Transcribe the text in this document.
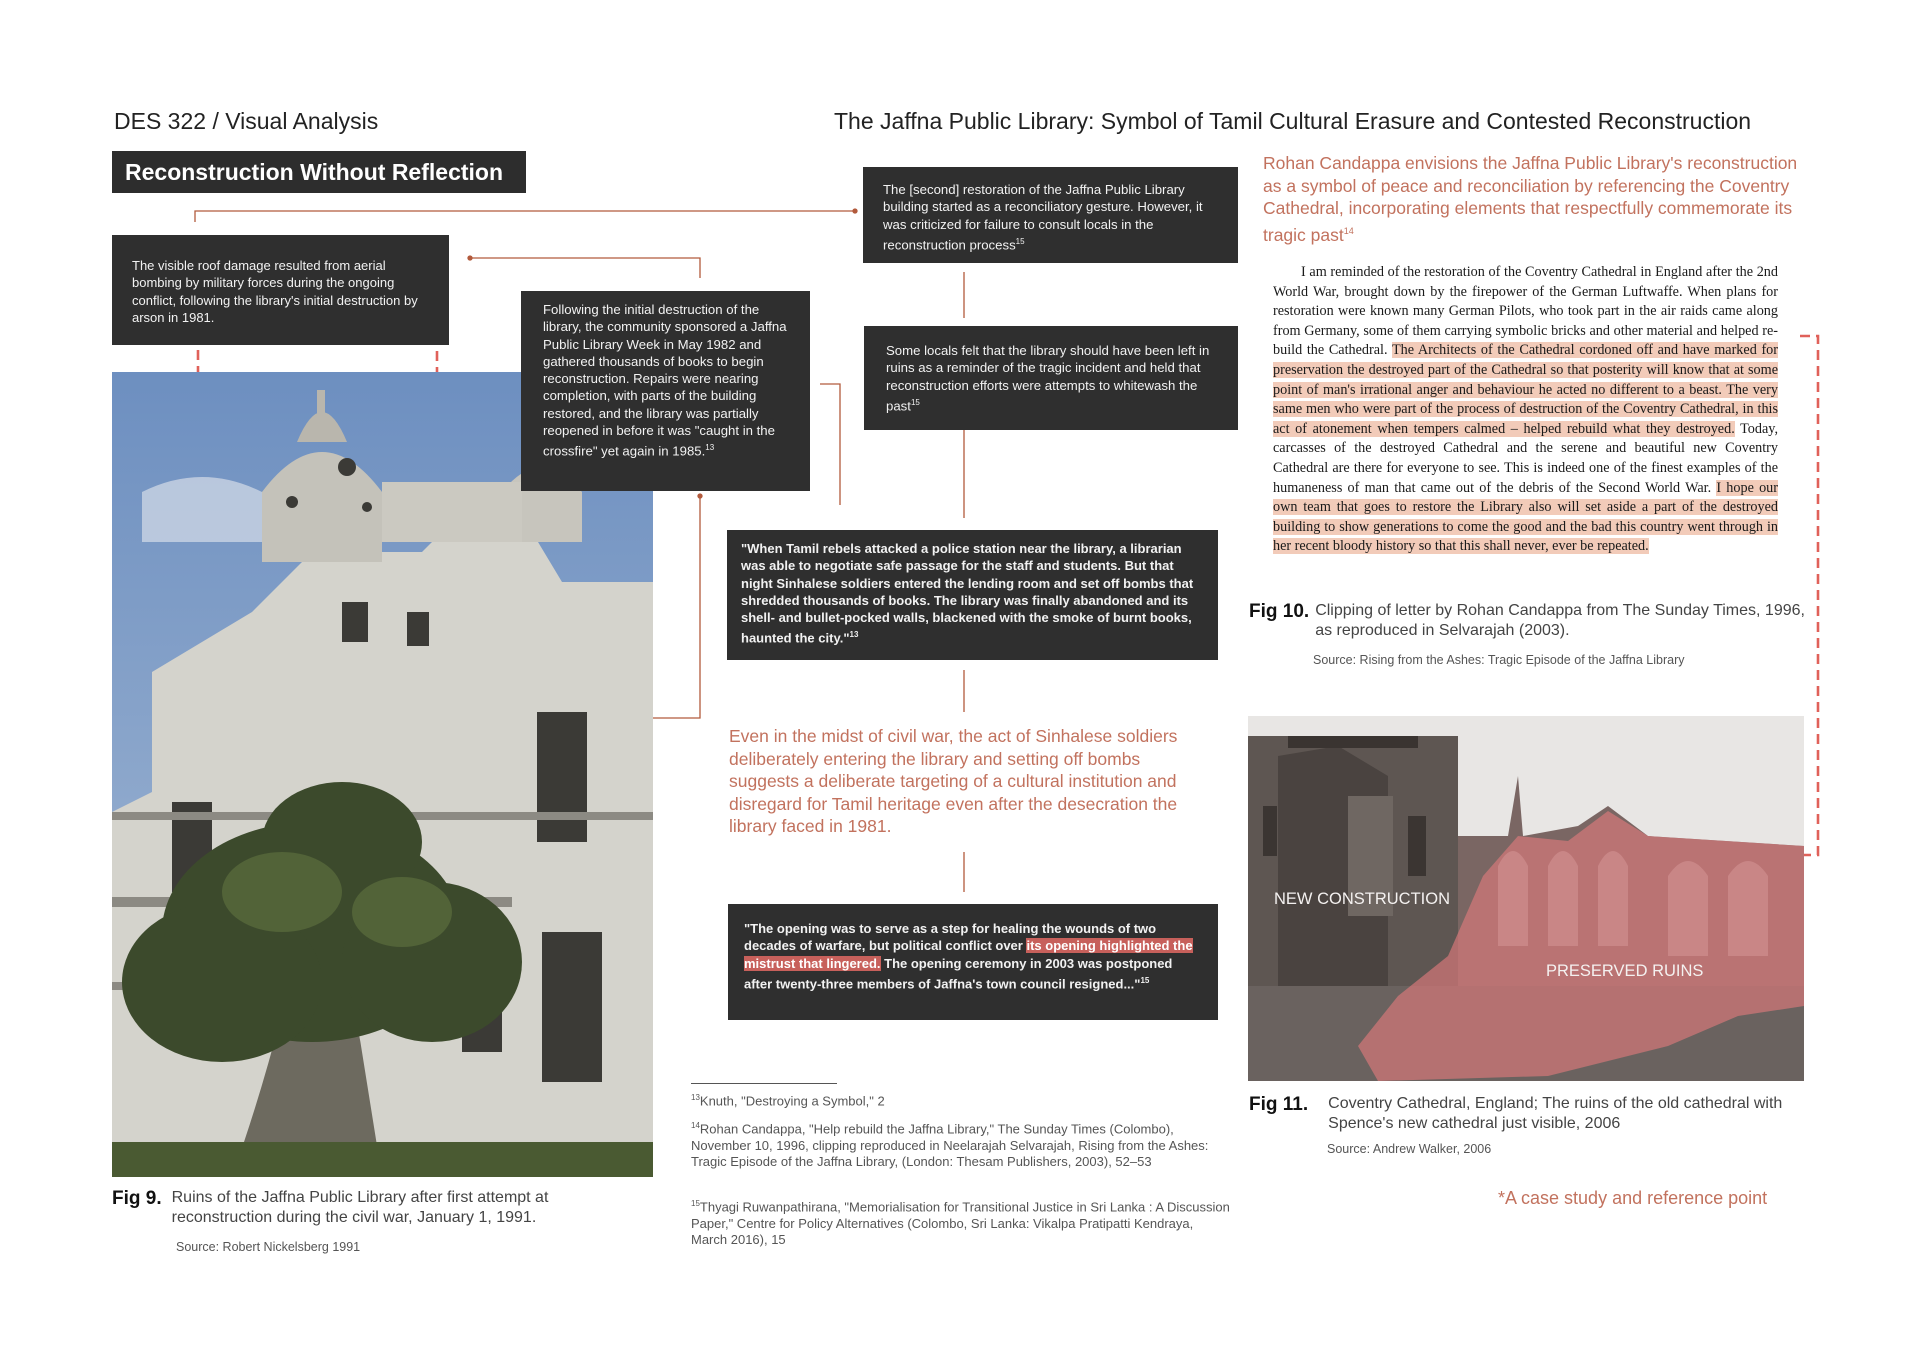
DES 322 / Visual Analysis	The Jaffna Public Library: Symbol of Tamil Cultural Erasure and Contested Reconstruction
Reconstruction Without Reflection
The visible roof damage resulted from aerial bombing by military forces during the ongoing conflict, following the library's initial destruction by arson in 1981.
Following the initial destruction of the library, the community sponsored a Jaffna Public Library Week in May 1982 and gathered thousands of books to begin reconstruction. Repairs were nearing completion, with parts of the building restored, and the library was partially reopened in before it was "caught in the crossfire" yet again in 1985.13
The [second] restoration of the Jaffna Public Library building started as a reconciliatory gesture. However, it was criticized for failure to consult locals in the reconstruction process$^{15}$
Some locals felt that the library should have been left in ruins as a reminder of the tragic incident and held that reconstruction efforts were attempts to whitewash the past$^{15}$
"When Tamil rebels attacked a police station near the library, a librarian was able to negotiate safe passage for the staff and students. But that night Sinhalese soldiers entered the lending room and set off bombs that shredded thousands of books. The library was finally abandoned and its shell- and bullet-pocked walls, blackened with the smoke of burnt books, haunted the city."$^{13}$
Even in the midst of civil war, the act of Sinhalese soldiers deliberately entering the library and setting off bombs suggests a deliberate targeting of a cultural institution and disregard for Tamil heritage even after the desecration the library faced in 1981.
"The opening was to serve as a step for healing the wounds of two decades of warfare, but political conflict over its opening highlighted the mistrust that lingered. The opening ceremony in 2003 was postponed after twenty-three members of Jaffna's town council resigned..."$^{15}$
$^{13}$Knuth, "Destroying a Symbol," 2
$^{14}$Rohan Candappa, "Help rebuild the Jaffna Library," The Sunday Times (Colombo), November 10, 1996, clipping reproduced in Neelarajah Selvarajah, Rising from the Ashes: Tragic Episode of the Jaffna Library, (London: Thesam Publishers, 2003), 52–53
$^{15}$Thyagi Ruwanpathirana, "Memorialisation for Transitional Justice in Sri Lanka : A Discussion Paper," Centre for Policy Alternatives (Colombo, Sri Lanka: Vikalpa Pratipatti Kendraya, March 2016), 15
Fig 9. Ruins of the Jaffna Public Library after first attempt at reconstruction during the civil war, January 1, 1991.
Source: Robert Nickelsberg 1991
Rohan Candappa envisions the Jaffna Public Library's reconstruction as a symbol of peace and reconciliation by referencing the Coventry Cathedral, incorporating elements that respectfully commemorate its tragic past$^{14}$
I am reminded of the restoration of the Coventry Cathedral in England after the 2nd World War, brought down by the firepower of the German Luftwaffe. When plans for restoration were known many German Pilots, who took part in the air raids came along from Germany, some of them carrying symbolic bricks and other material and helped re-build the Cathedral. The Architects of the Cathedral cordoned off and have marked for preservation the destroyed part of the Cathedral so that posterity will know that at some point of man's irrational anger and behaviour he acted no different to a beast. The very same men who were part of the process of destruction of the Coventry Cathedral, in this act of atonement when tempers calmed – helped rebuild what they destroyed. Today, carcasses of the destroyed Cathedral and the serene and beautiful new Coventry Cathedral are there for everyone to see. This is indeed one of the finest examples of the humaneness of man that came out of the debris of the Second World War. I hope our own team that goes to restore the Library also will set aside a part of the destroyed building to show generations to come the good and the bad this country went through in her recent bloody history so that this shall never, ever be repeated.
Fig 10. Clipping of letter by Rohan Candappa from The Sunday Times, 1996, as reproduced in Selvarajah (2003).
Source: Rising from the Ashes: Tragic Episode of the Jaffna Library
NEW CONSTRUCTION
PRESERVED RUINS
Fig 11. Coventry Cathedral, England; The ruins of the old cathedral with Spence's new cathedral just visible, 2006
Source: Andrew Walker, 2006
*A case study and reference point
